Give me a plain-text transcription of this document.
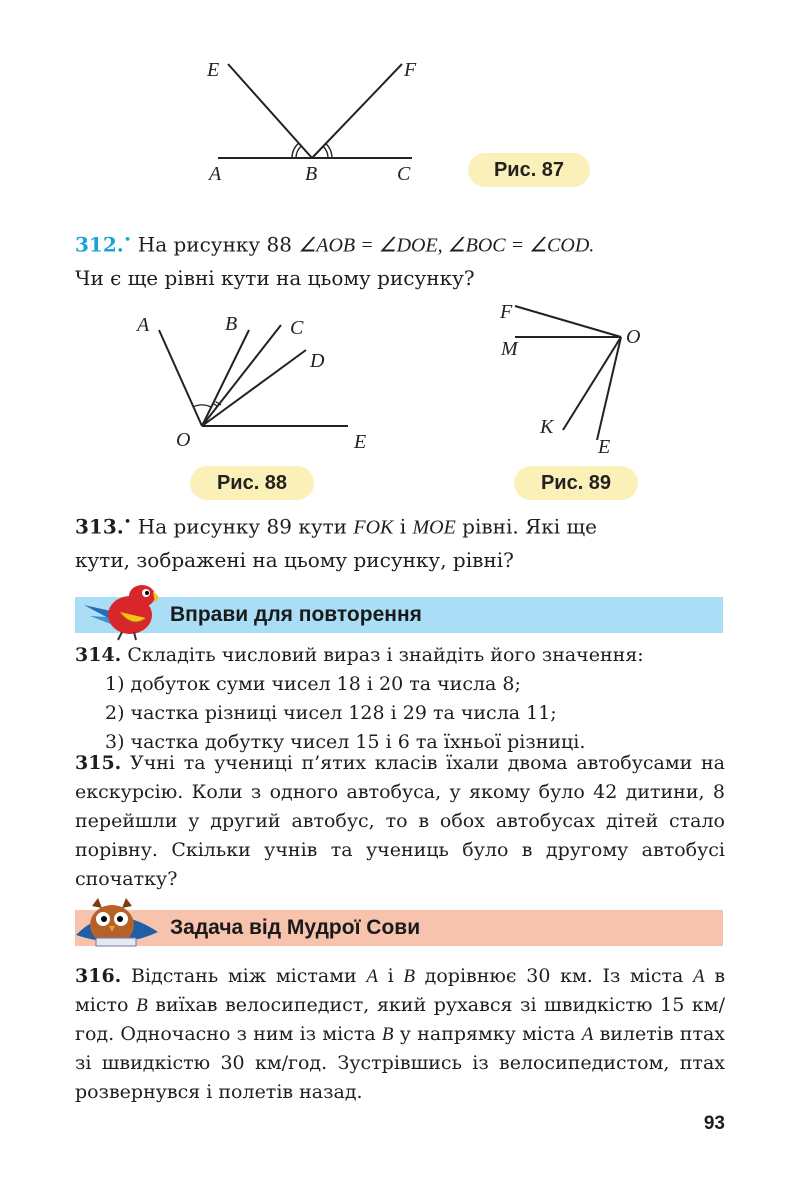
E	F
A	B	C
A	B	C
D
O	E
F
M
O
K
E
Рис. 87
Рис. 88	Рис. 89
312.• На рисунку 88 ∠AOB = ∠DOE, ∠BOC = ∠COD.
Чи є ще рівні кути на цьому рисунку?
313.• На рисунку 89 кути FOK і MOE рівні. Які ще
кути, зображені на цьому рисунку, рівні?
Вправи для повторення
314. Складіть числовий вираз і знайдіть його значення:
1) добуток суми чисел 18 і 20 та числа 8;
2) частка різниці чисел 128 і 29 та числа 11;
3) частка добутку чисел 15 і 6 та їхньої різниці.
315. Учні та учениці п’ятих класів їхали двома автобусами на екскурсію. Коли з одного автобуса, у якому було 42 дитини, 8 перейшли у другий автобус, то в обох автобусах дітей стало порівну. Скільки учнів та учениць було в другому автобусі спочатку?
Задача від Мудрої Сови
316. Відстань між містами A і B дорівнює 30 км. Із міста A в місто B виїхав велосипедист, який рухався зі швидкістю 15 км/год. Одночасно з ним із міста B у напрямку міста A вилетів птах зі швидкістю 30 км/год. Зустрівшись із велосипедистом, птах розвернувся і полетів назад.
93
